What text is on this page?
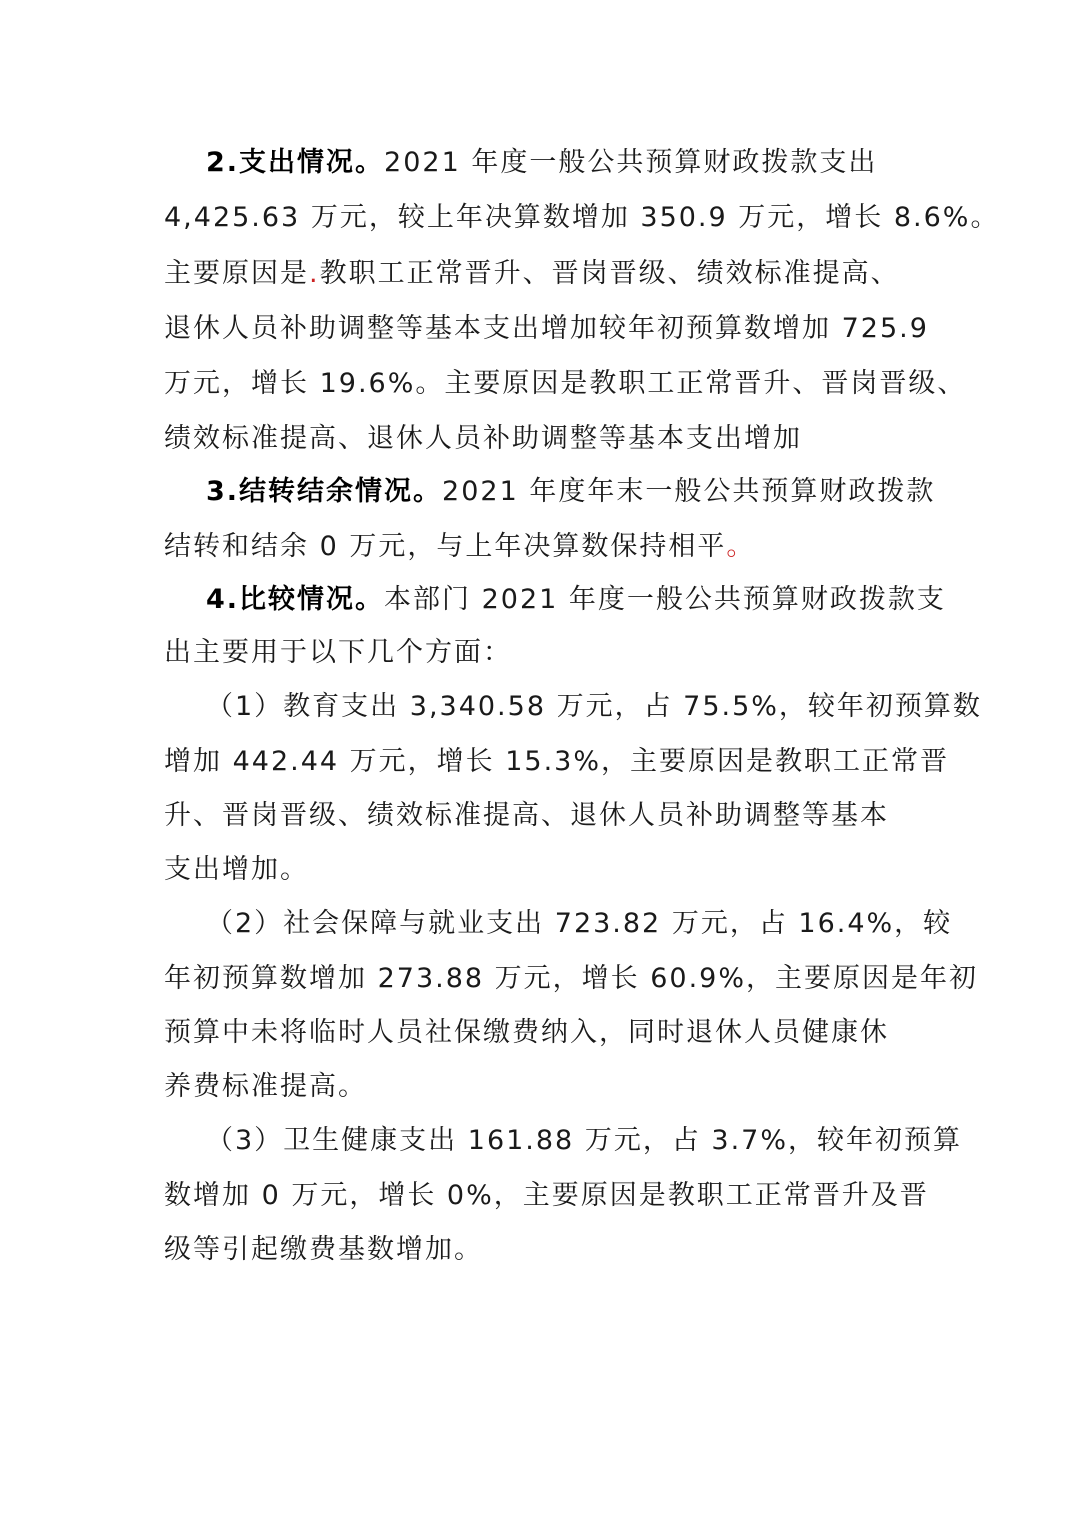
2.支出情况。2021 年度一般公共预算财政拨款支出
4,425.63 万元，较上年决算数增加 350.9 万元，增长 8.6%。
主要原因是.教职工正常晋升、晋岗晋级、绩效标准提高、
退休人员补助调整等基本支出增加较年初预算数增加 725.9
万元，增长 19.6%。主要原因是教职工正常晋升、晋岗晋级、
绩效标准提高、退休人员补助调整等基本支出增加
3.结转结余情况。2021 年度年末一般公共预算财政拨款
结转和结余 0 万元，与上年决算数保持相平。
4.比较情况。本部门 2021 年度一般公共预算财政拨款支
出主要用于以下几个方面：
（1）教育支出 3,340.58 万元，占 75.5%，较年初预算数
增加 442.44 万元，增长 15.3%，主要原因是教职工正常晋
升、晋岗晋级、绩效标准提高、退休人员补助调整等基本
支出增加。
（2）社会保障与就业支出 723.82 万元，占 16.4%，较
年初预算数增加 273.88 万元，增长 60.9%，主要原因是年初
预算中未将临时人员社保缴费纳入，同时退休人员健康休
养费标准提高。
（3）卫生健康支出 161.88 万元，占 3.7%，较年初预算
数增加 0 万元，增长 0%，主要原因是教职工正常晋升及晋
级等引起缴费基数增加。
